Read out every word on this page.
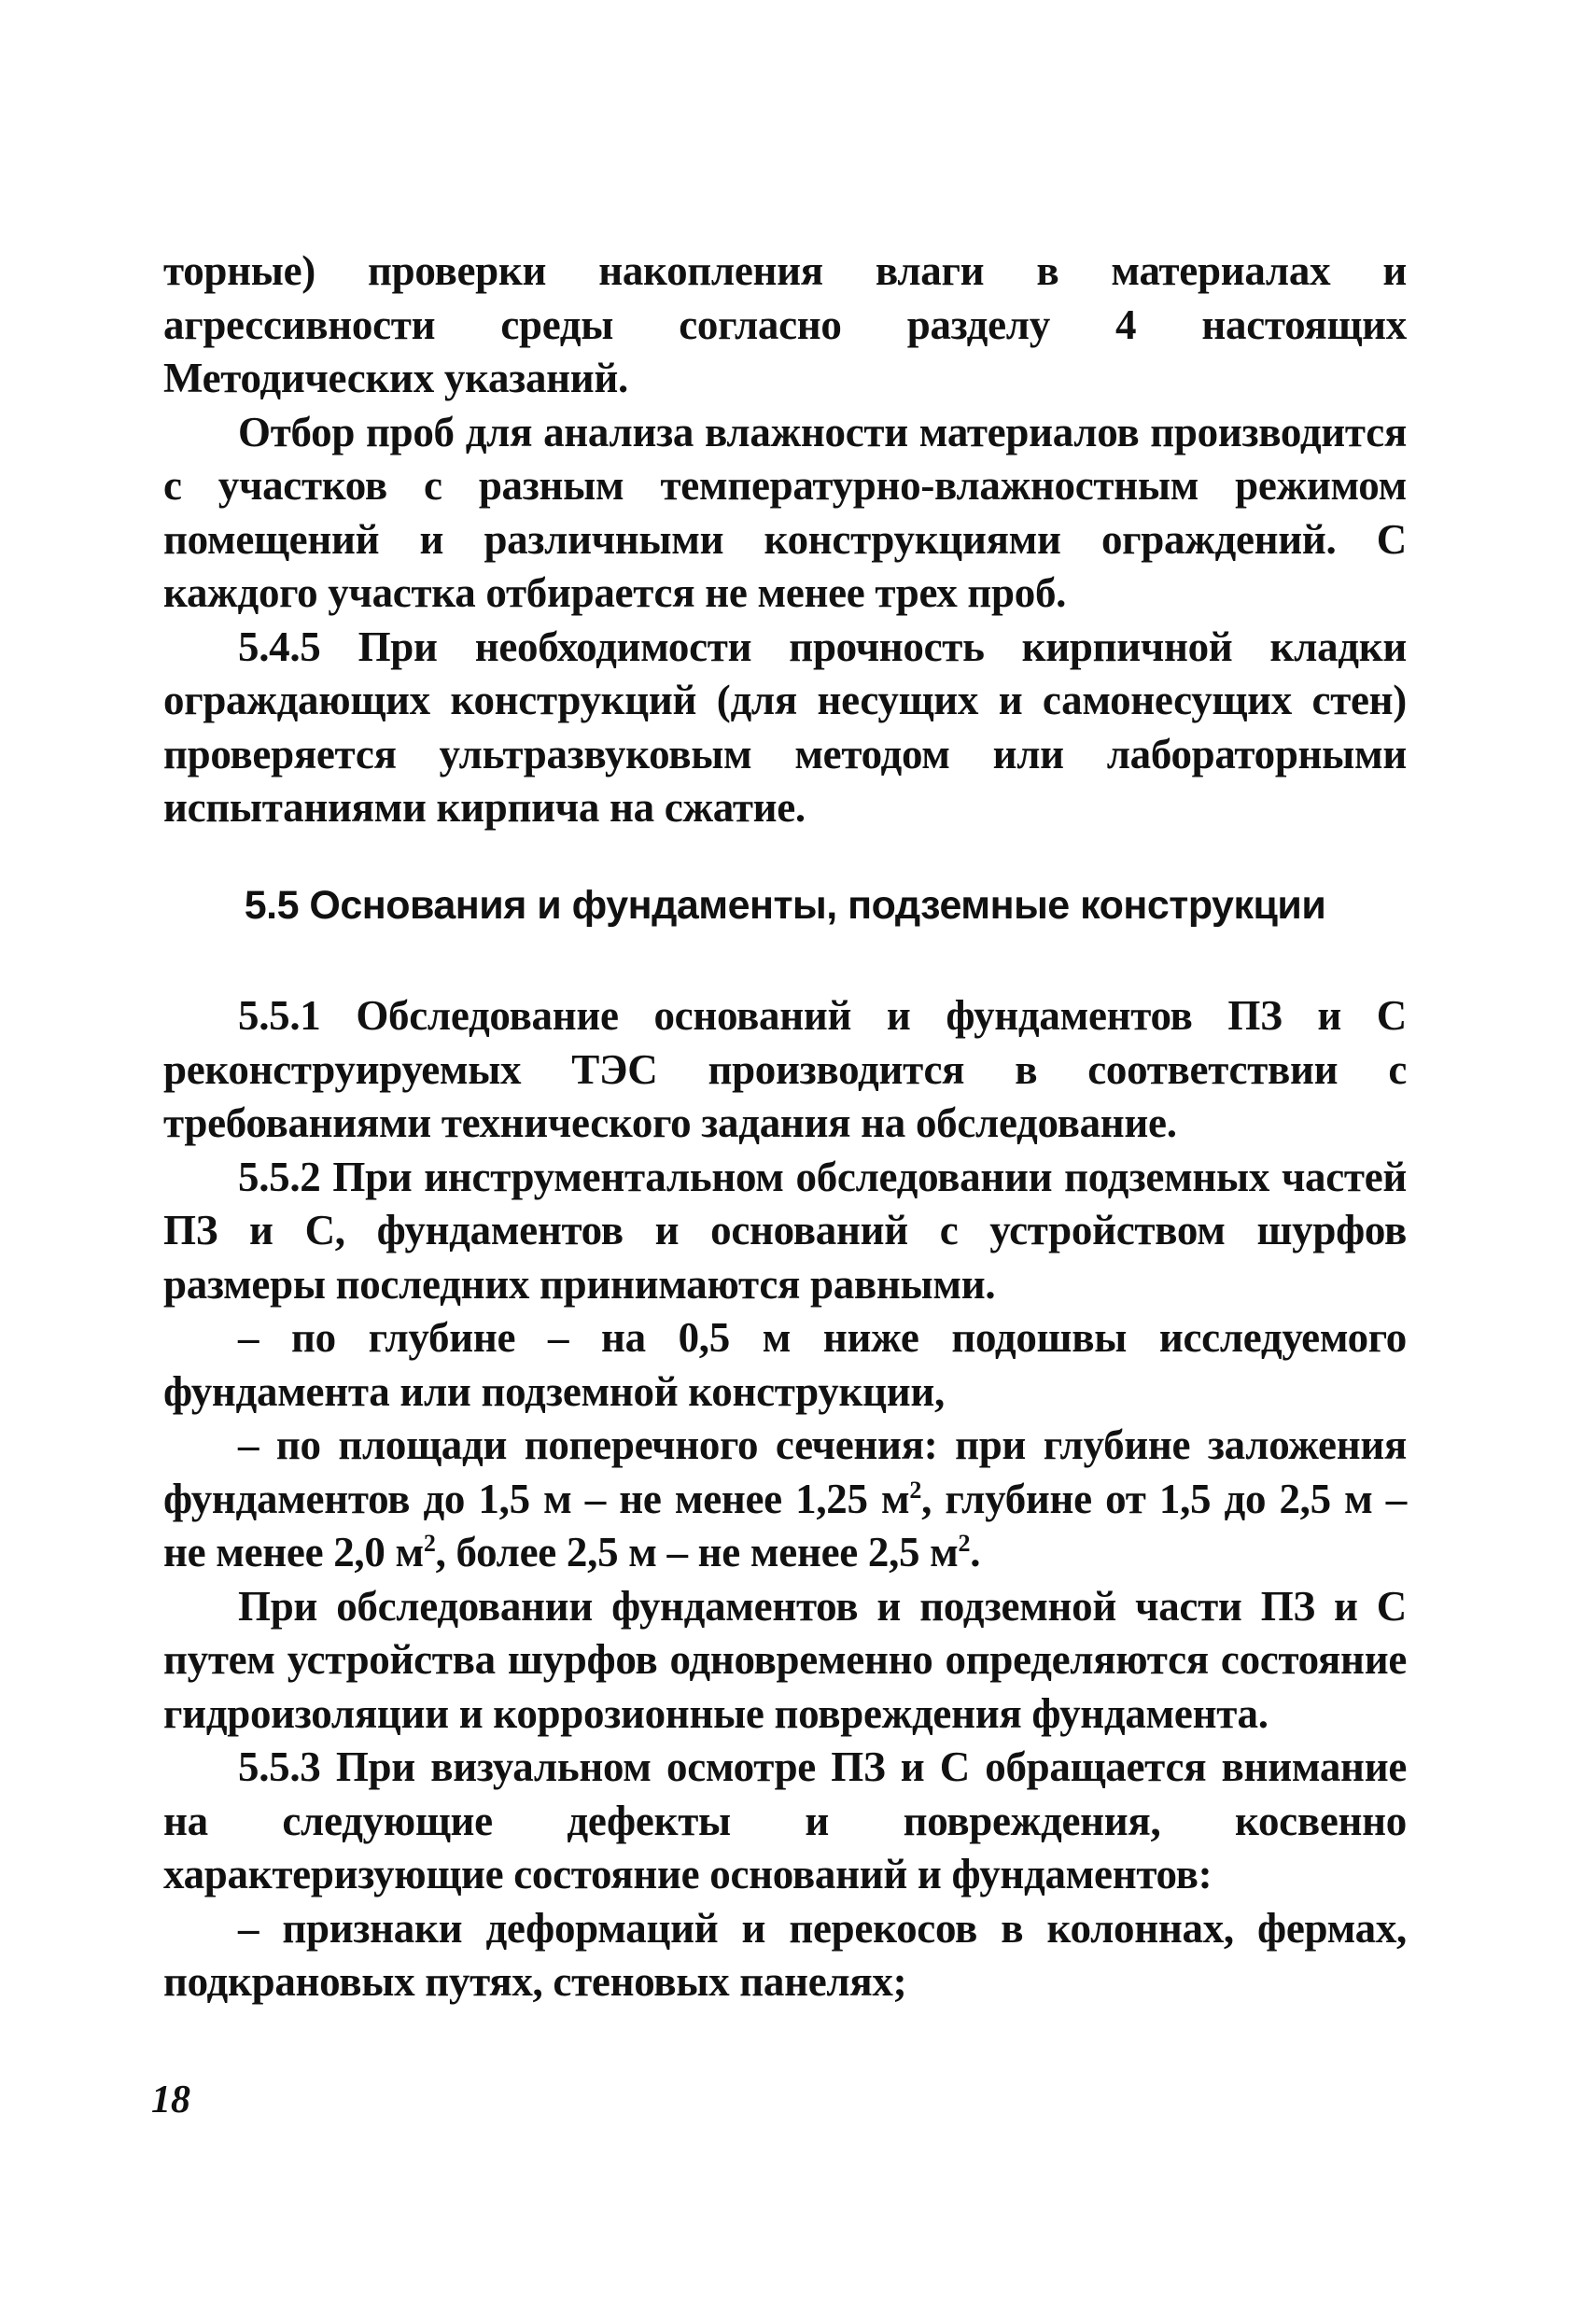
торные) проверки накопления влаги в материалах и агрессивности среды согласно разделу 4 настоящих Методических указаний.

Отбор проб для анализа влажности материалов производится с участков с разным температурно-влажностным режимом помещений и различными конструкциями ограждений. С каждого участка отбирается не менее трех проб.

5.4.5 При необходимости прочность кирпичной кладки ограждающих конструкций (для несущих и самонесущих стен) проверяется ультразвуковым методом или лабораторными испытаниями кирпича на сжатие.

5.5 Основания и фундаменты, подземные конструкции

5.5.1 Обследование оснований и фундаментов ПЗ и С реконструируемых ТЭС производится в соответствии с требованиями технического задания на обследование.

5.5.2 При инструментальном обследовании подземных частей ПЗ и С, фундаментов и оснований с устройством шурфов размеры последних принимаются равными.

– по глубине – на 0,5 м ниже подошвы исследуемого фундамента или подземной конструкции,

– по площади поперечного сечения: при глубине заложения фундаментов до 1,5 м – не менее 1,25 $м^2$, глубине от 1,5 до 2,5 м – не менее 2,0 $м^2$, более 2,5 м – не менее 2,5 $м^2$.

При обследовании фундаментов и подземной части ПЗ и С путем устройства шурфов одновременно определяются состояние гидроизоляции и коррозионные повреждения фундамента.

5.5.3 При визуальном осмотре ПЗ и С обращается внимание на следующие дефекты и повреждения, косвенно характеризующие состояние оснований и фундаментов:

– признаки деформаций и перекосов в колоннах, фермах, подкрановых путях, стеновых панелях;

18
